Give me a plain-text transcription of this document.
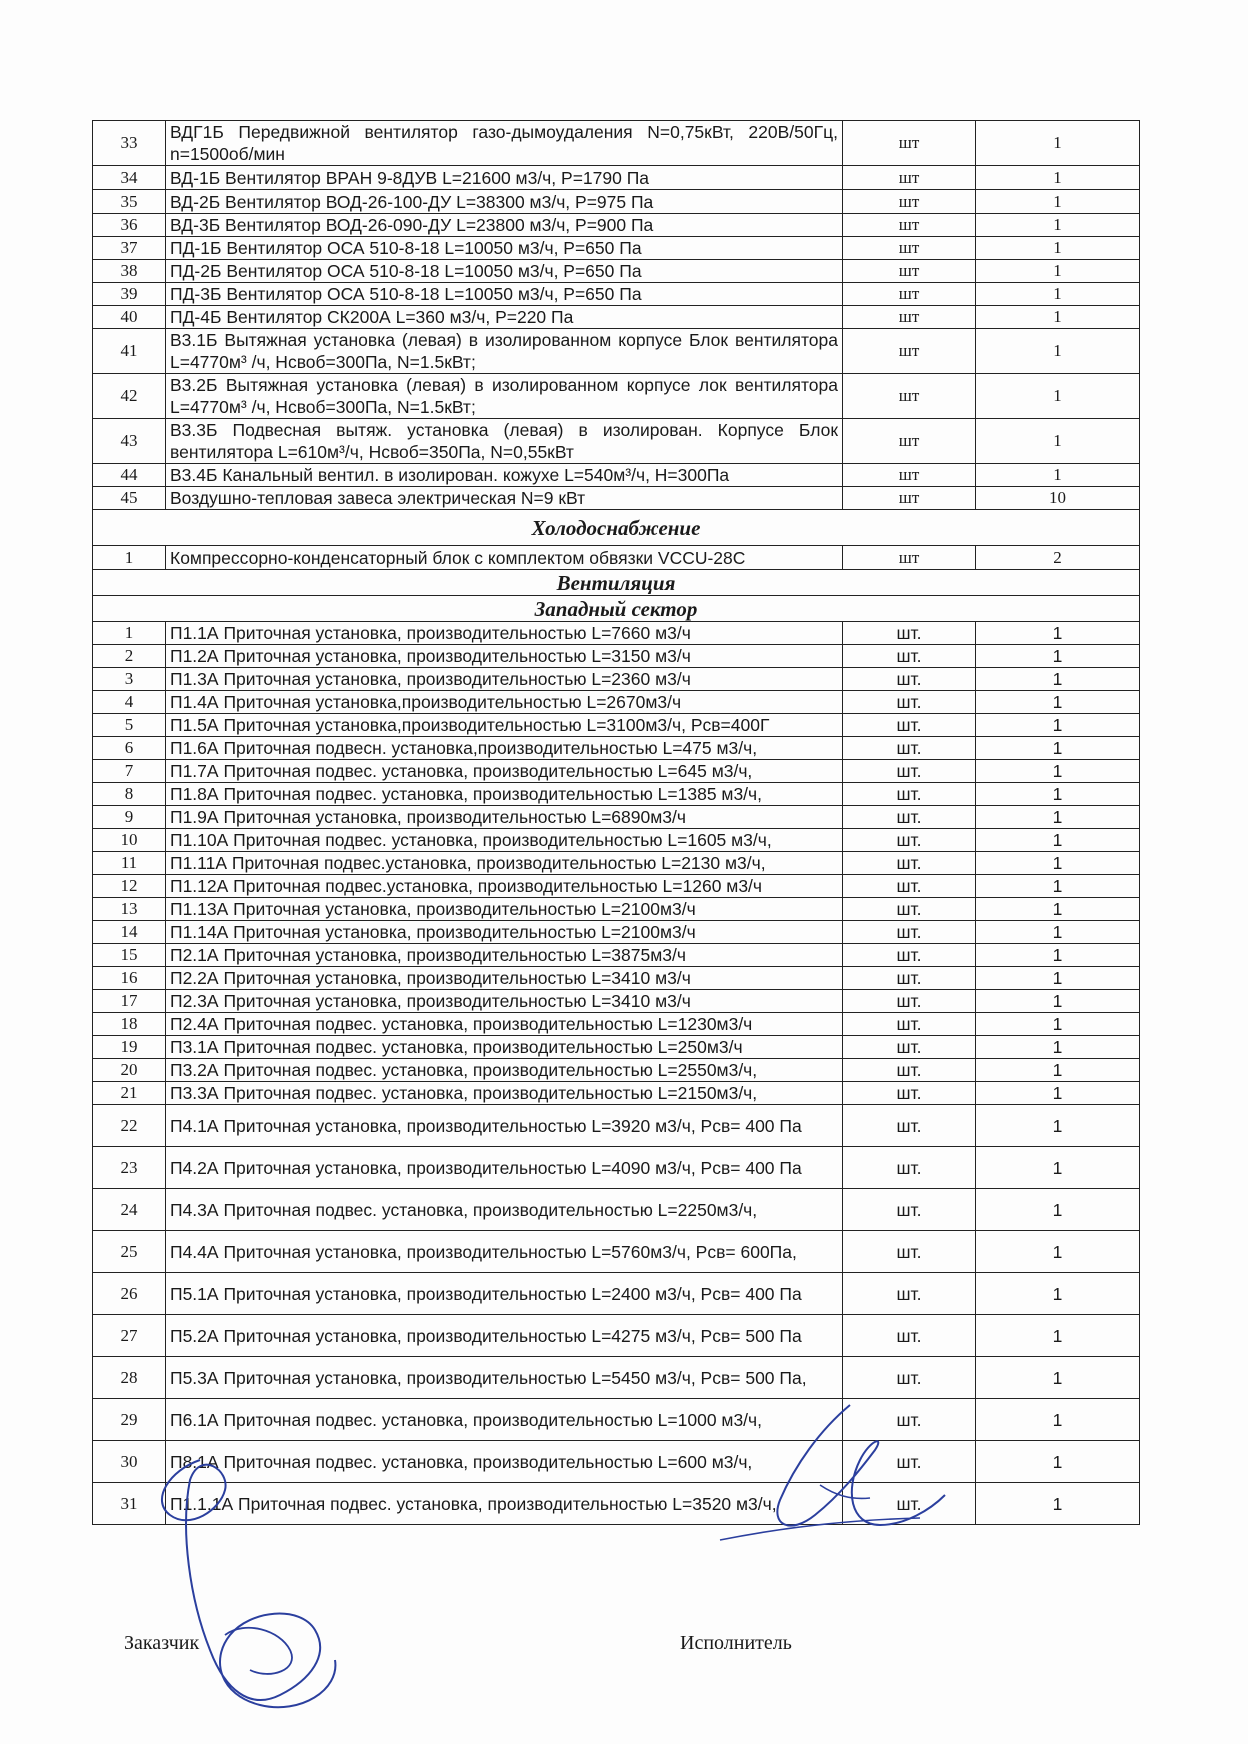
33	ВДГ1Б Передвижной вентилятор газо-дымоудаления N=0,75кВт, 220В/50Гц, n=1500об/мин	шт	1
34	ВД-1Б Вентилятор ВРАН 9-8ДУВ L=21600 м3/ч, Р=1790 Па	шт	1
35	ВД-2Б Вентилятор ВОД-26-100-ДУ L=38300 м3/ч, Р=975 Па	шт	1
36	ВД-3Б Вентилятор ВОД-26-090-ДУ L=23800 м3/ч, Р=900 Па	шт	1
37	ПД-1Б Вентилятор ОСА 510-8-18 L=10050 м3/ч, Р=650 Па	шт	1
38	ПД-2Б Вентилятор ОСА 510-8-18 L=10050 м3/ч, Р=650 Па	шт	1
39	ПД-3Б Вентилятор ОСА 510-8-18 L=10050 м3/ч, Р=650 Па	шт	1
40	ПД-4Б Вентилятор СК200А L=360 м3/ч, Р=220 Па	шт	1
41	В3.1Б Вытяжная установка (левая) в изолированном корпусе Блок вентилятора L=4770м³ /ч, Нсвоб=300Па, N=1.5кВт;	шт	1
42	В3.2Б Вытяжная установка (левая) в изолированном корпусе лок вентилятора L=4770м³ /ч, Нсвоб=300Па, N=1.5кВт;	шт	1
43	В3.3Б Подвесная вытяж. установка (левая) в изолирован. Корпусе Блок вентилятора L=610м³/ч, Нсвоб=350Па, N=0,55кВт	шт	1
44	В3.4Б Канальный вентил. в изолирован. кожухе L=540м³/ч, Н=300Па	шт	1
45	Воздушно-тепловая завеса электрическая N=9 кВт	шт	10
Холодоснабжение			
1	Компрессорно-конденсаторный блок с комплектом обвязки VCCU-28C	шт	2
Вентиляция			
Западный сектор			
1	П1.1А Приточная установка, производительностью L=7660 м3/ч	шт.	1
2	П1.2А Приточная установка, производительностью L=3150 м3/ч	шт.	1
3	П1.3А Приточная установка, производительностью L=2360 м3/ч	шт.	1
4	П1.4А Приточная установка,производительностью L=2670м3/ч	шт.	1
5	П1.5А Приточная установка,производительностью L=3100м3/ч, Рсв=400Г	шт.	1
6	П1.6А Приточная подвесн. установка,производительностью L=475 м3/ч,	шт.	1
7	П1.7А Приточная подвес. установка, производительностью L=645 м3/ч,	шт.	1
8	П1.8А Приточная подвес. установка, производительностью L=1385 м3/ч,	шт.	1
9	П1.9А Приточная установка, производительностью L=6890м3/ч	шт.	1
10	П1.10А Приточная подвес. установка, производительностью L=1605 м3/ч,	шт.	1
11	П1.11А Приточная подвес.установка, производительностью L=2130 м3/ч,	шт.	1
12	П1.12А Приточная подвес.установка, производительностью L=1260 м3/ч	шт.	1
13	П1.13А Приточная установка, производительностью L=2100м3/ч	шт.	1
14	П1.14А Приточная установка, производительностью L=2100м3/ч	шт.	1
15	П2.1А Приточная установка, производительностью L=3875м3/ч	шт.	1
16	П2.2А Приточная установка, производительностью L=3410 м3/ч	шт.	1
17	П2.3А Приточная установка, производительностью L=3410 м3/ч	шт.	1
18	П2.4А Приточная подвес. установка, производительностью L=1230м3/ч	шт.	1
19	П3.1А Приточная подвес. установка, производительностью L=250м3/ч	шт.	1
20	П3.2А Приточная подвес. установка, производительностью L=2550м3/ч,	шт.	1
21	П3.3А Приточная подвес. установка, производительностью L=2150м3/ч,	шт.	1
22	П4.1А Приточная установка, производительностью L=3920 м3/ч, Рсв= 400 Па	шт.	1
23	П4.2А Приточная установка, производительностью L=4090 м3/ч, Рсв= 400 Па	шт.	1
24	П4.3А Приточная подвес. установка, производительностью L=2250м3/ч,	шт.	1
25	П4.4А Приточная установка, производительностью L=5760м3/ч, Рсв= 600Па,	шт.	1
26	П5.1А Приточная установка, производительностью L=2400 м3/ч, Рсв= 400 Па	шт.	1
27	П5.2А Приточная установка, производительностью L=4275 м3/ч, Рсв= 500 Па	шт.	1
28	П5.3А Приточная установка, производительностью L=5450 м3/ч, Рсв= 500 Па,	шт.	1
29	П6.1А Приточная подвес. установка, производительностью L=1000 м3/ч,	шт.	1
30	П8.1А Приточная подвес. установка, производительностью L=600 м3/ч,	шт.	1
31	П1.1.1А Приточная подвес. установка, производительностью L=3520 м3/ч,	шт.	1
Заказчик	Исполнитель
